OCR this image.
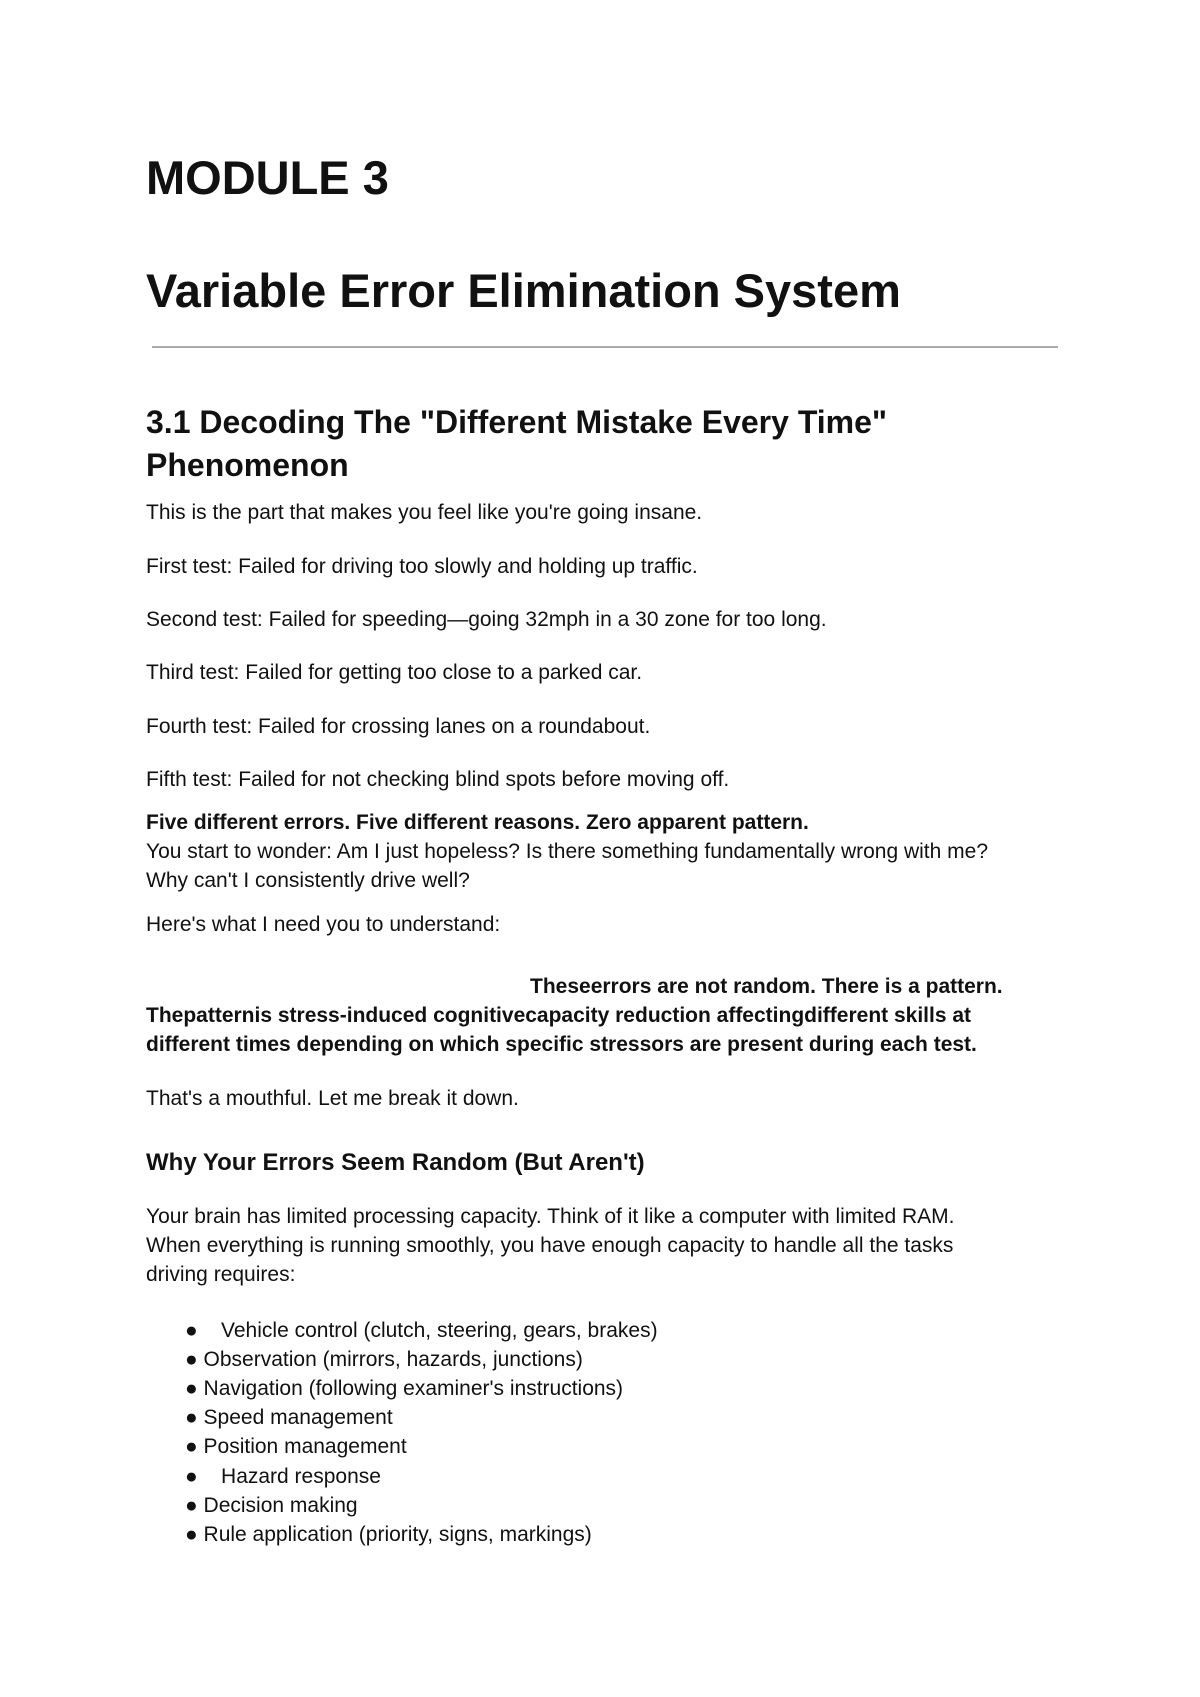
MODULE 3
Variable Error Elimination System
3.1 Decoding The "Different Mistake Every Time"
Phenomenon
This is the part that makes you feel like you're going insane.
First test: Failed for driving too slowly and holding up traffic.
Second test: Failed for speeding—going 32mph in a 30 zone for too long.
Third test: Failed for getting too close to a parked car.
Fourth test: Failed for crossing lanes on a roundabout.
Fifth test: Failed for not checking blind spots before moving off.
Five different errors. Five different reasons. Zero apparent pattern.
You start to wonder: Am I just hopeless? Is there something fundamentally wrong with me?
Why can't I consistently drive well?
Here's what I need you to understand:
Theseerrors are not random. There is a pattern.
Thepatternis stress-induced cognitivecapacity reduction affectingdifferent skills at
different times depending on which specific stressors are present during each test.
That's a mouthful. Let me break it down.
Why Your Errors Seem Random (But Aren't)
Your brain has limited processing capacity. Think of it like a computer with limited RAM.
When everything is running smoothly, you have enough capacity to handle all the tasks
driving requires:
● Vehicle control (clutch, steering, gears, brakes)
● Observation (mirrors, hazards, junctions)
● Navigation (following examiner's instructions)
● Speed management
● Position management
● Hazard response
● Decision making
● Rule application (priority, signs, markings)
